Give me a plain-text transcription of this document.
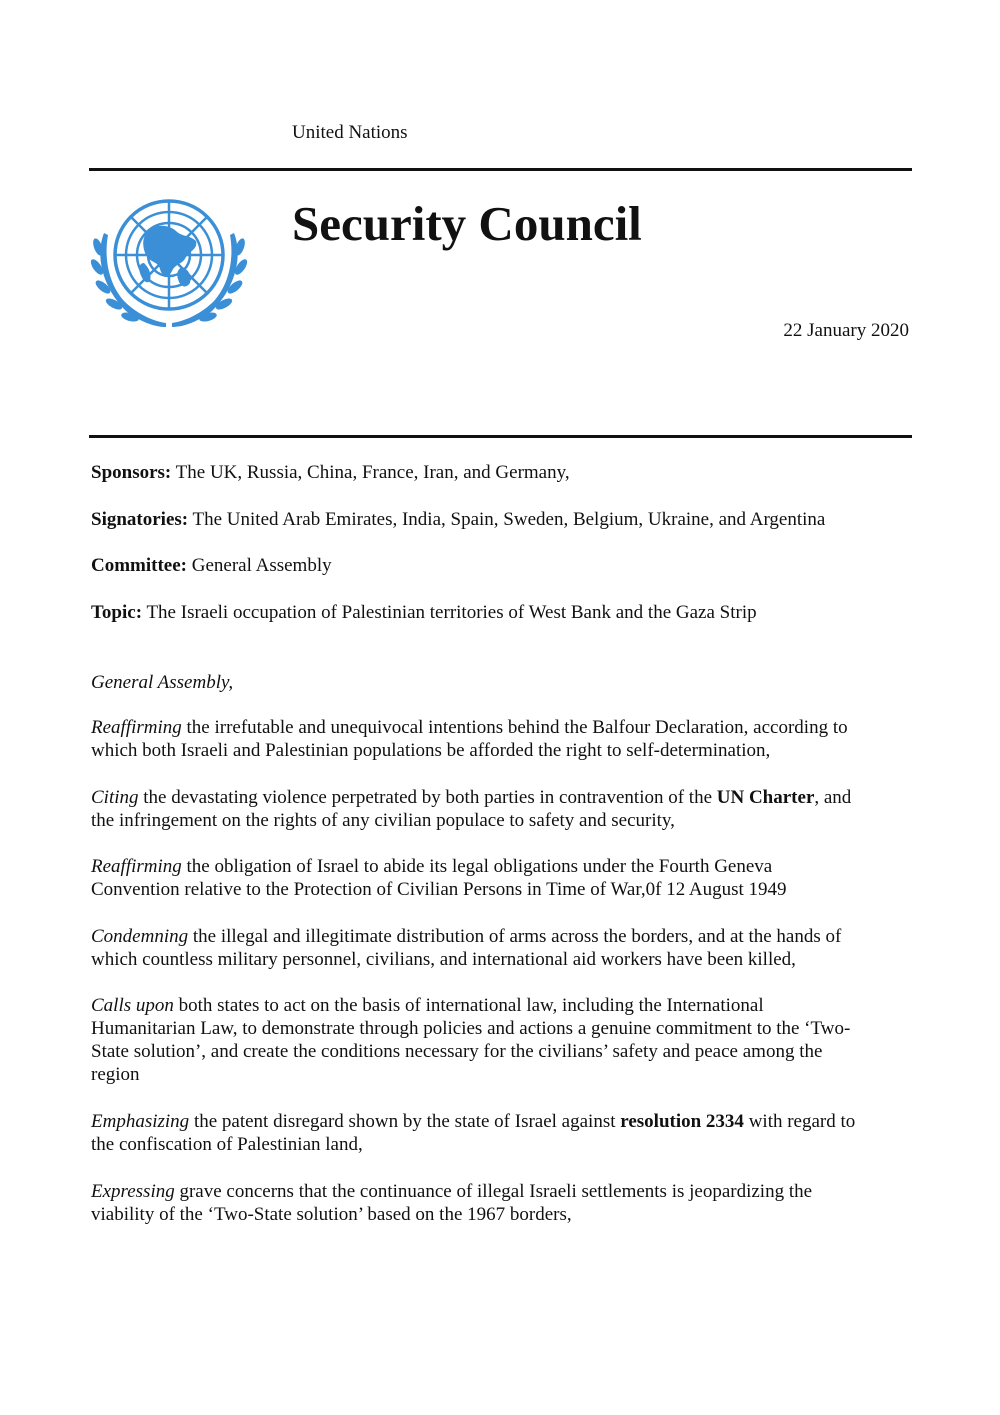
United Nations
Security Council
22 January 2020
Sponsors: The UK, Russia, China, France, Iran, and Germany,
Signatories: The United Arab Emirates, India, Spain, Sweden, Belgium, Ukraine, and Argentina
Committee: General Assembly
Topic: The Israeli occupation of Palestinian territories of West Bank and the Gaza Strip
General Assembly,
Reaffirming the irrefutable and unequivocal intentions behind the Balfour Declaration, according to
which both Israeli and Palestinian populations be afforded the right to self-determination,
Citing the devastating violence perpetrated by both parties in contravention of the UN Charter, and
the infringement on the rights of any civilian populace to safety and security,
Reaffirming the obligation of Israel to abide its legal obligations under the Fourth Geneva
Convention relative to the Protection of Civilian Persons in Time of War,0f 12 August 1949
Condemning the illegal and illegitimate distribution of arms across the borders, and at the hands of
which countless military personnel, civilians, and international aid workers have been killed,
Calls upon both states to act on the basis of international law, including the International
Humanitarian Law, to demonstrate through policies and actions a genuine commitment to the ‘Two-
State solution’, and create the conditions necessary for the civilians’ safety and peace among the
region
Emphasizing the patent disregard shown by the state of Israel against resolution 2334 with regard to
the confiscation of Palestinian land,
Expressing grave concerns that the continuance of illegal Israeli settlements is jeopardizing the
viability of the ‘Two-State solution’ based on the 1967 borders,
